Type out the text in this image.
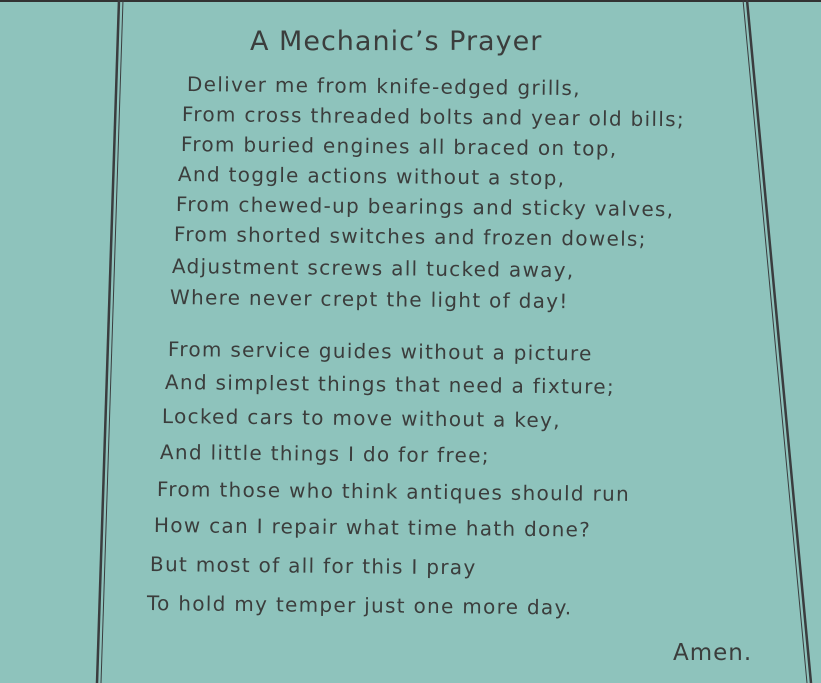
A Mechanic’s Prayer
Deliver me from knife-edged grills,
From cross threaded bolts and year old bills;
From buried engines all braced on top,
And toggle actions without a stop,
From chewed-up bearings and sticky valves,
From shorted switches and frozen dowels;
Adjustment screws all tucked away,
Where never crept the light of day!
From service guides without a picture
And simplest things that need a fixture;
Locked cars to move without a key,
And little things I do for free;
From those who think antiques should run
How can I repair what time hath done?
But most of all for this I pray
To hold my temper just one more day.
Amen.
